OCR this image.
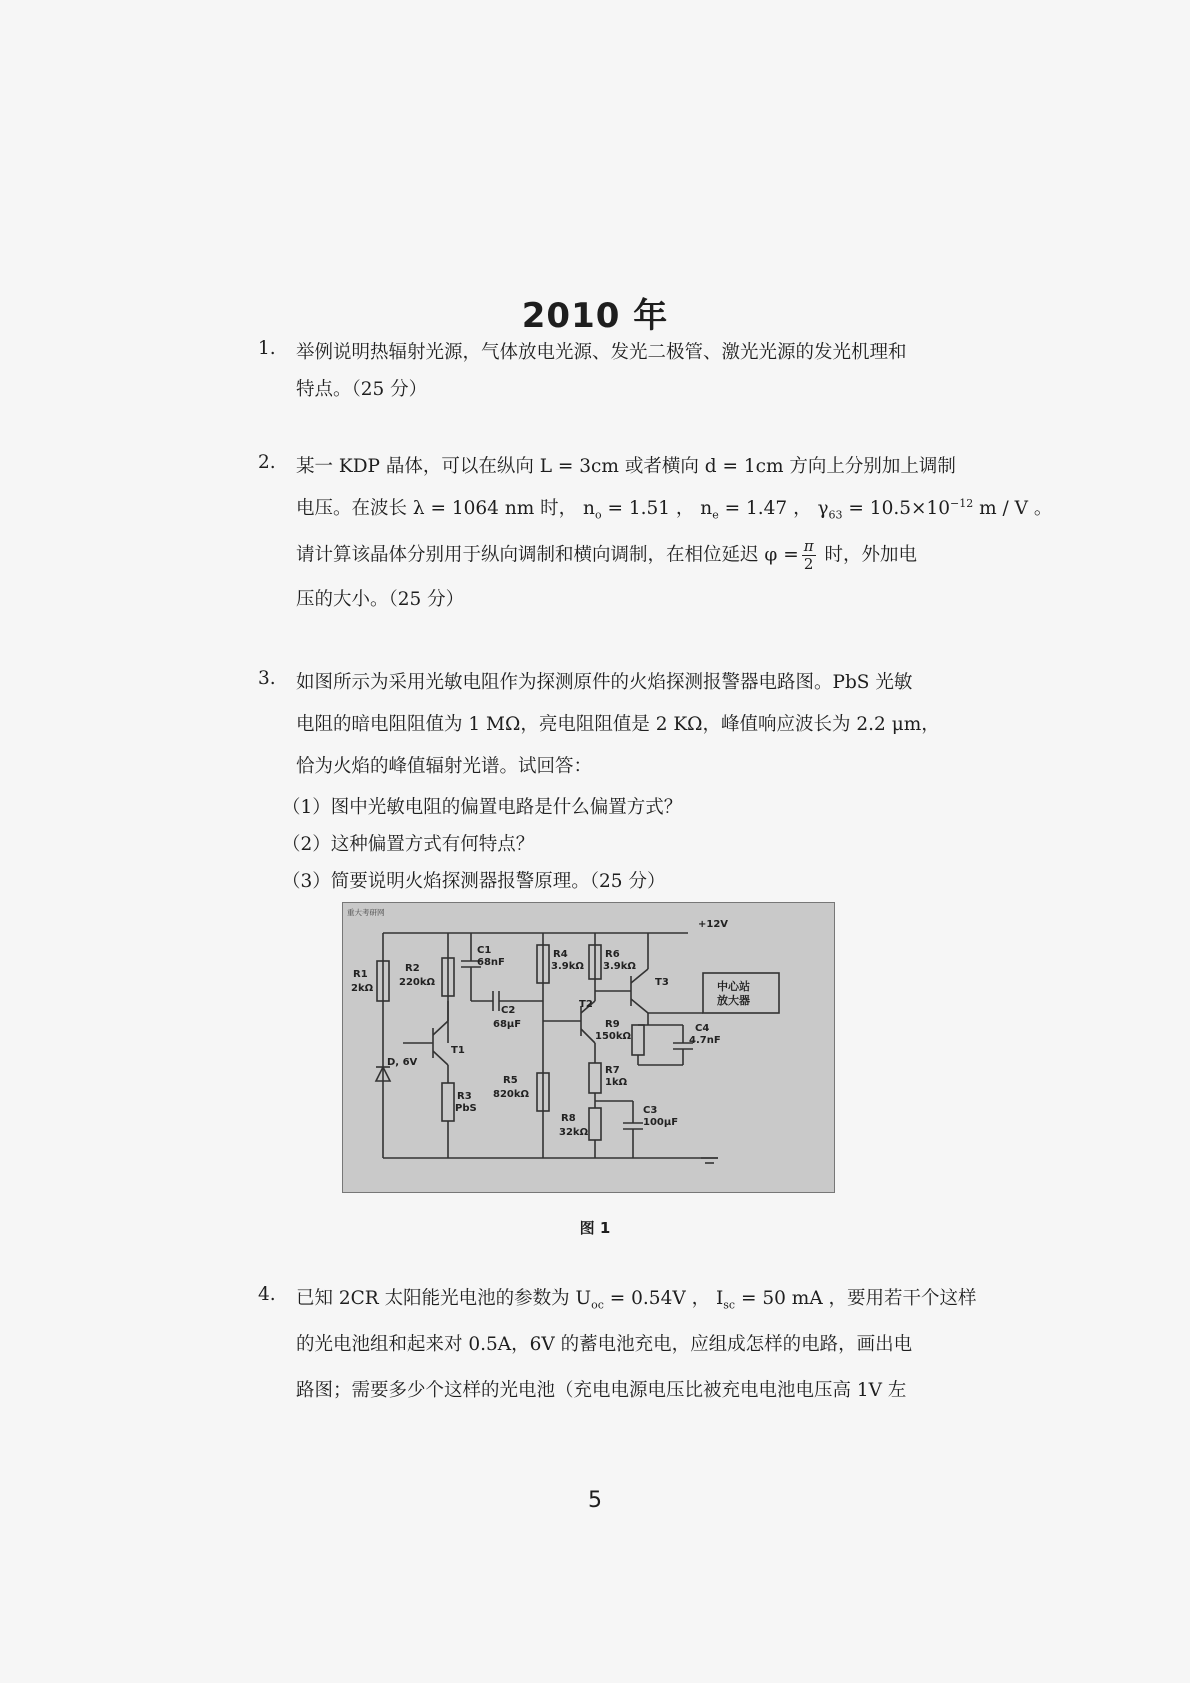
2010 年
1. 举例说明热辐射光源，气体放电光源、发光二极管、激光光源的发光机理和
特点。（25 分）
2. 某一 KDP 晶体，可以在纵向 L = 3cm 或者横向 d = 1cm 方向上分别加上调制
电压。在波长 λ = 1064 nm 时， $n_o = 1.51$ ， $n_e = 1.47$ ， $\gamma_{63} = 10.5\times 10^{-12}$ m / V 。
请计算该晶体分别用于纵向调制和横向调制，在相位延迟 $\varphi = \frac{\pi}{2}$ 时，外加电
压的大小。（25 分）
3. 如图所示为采用光敏电阻作为探测原件的火焰探测报警器电路图。PbS 光敏
电阻的暗电阻阻值为 1 MΩ，亮电阻阻值是 2 KΩ，峰值响应波长为 2.2 μm，
恰为火焰的峰值辐射光谱。试回答：
（1）图中光敏电阻的偏置电路是什么偏置方式？
（2）这种偏置方式有何特点？
（3）简要说明火焰探测器报警原理。（25 分）
重大考研网
+12V
R1
2kΩ
R2
220kΩ
C1
68nF
C2
68μF
T1
D, 6V
R3
PbS
R4
3.9kΩ
R5
820kΩ
R6
3.9kΩ
T2
T3
R9
150kΩ
C4
4.7nF
R7
1kΩ
R8
32kΩ
C3
100μF
中心站
放大器
图 1
4. 已知 2CR 太阳能光电池的参数为 $U_{oc} = 0.54V$ ， $I_{sc} = 50$ mA ，要用若干个这样
的光电池组和起来对 0.5A，6V 的蓄电池充电，应组成怎样的电路，画出电
路图；需要多少个这样的光电池（充电电源电压比被充电电池电压高 1V 左
5
